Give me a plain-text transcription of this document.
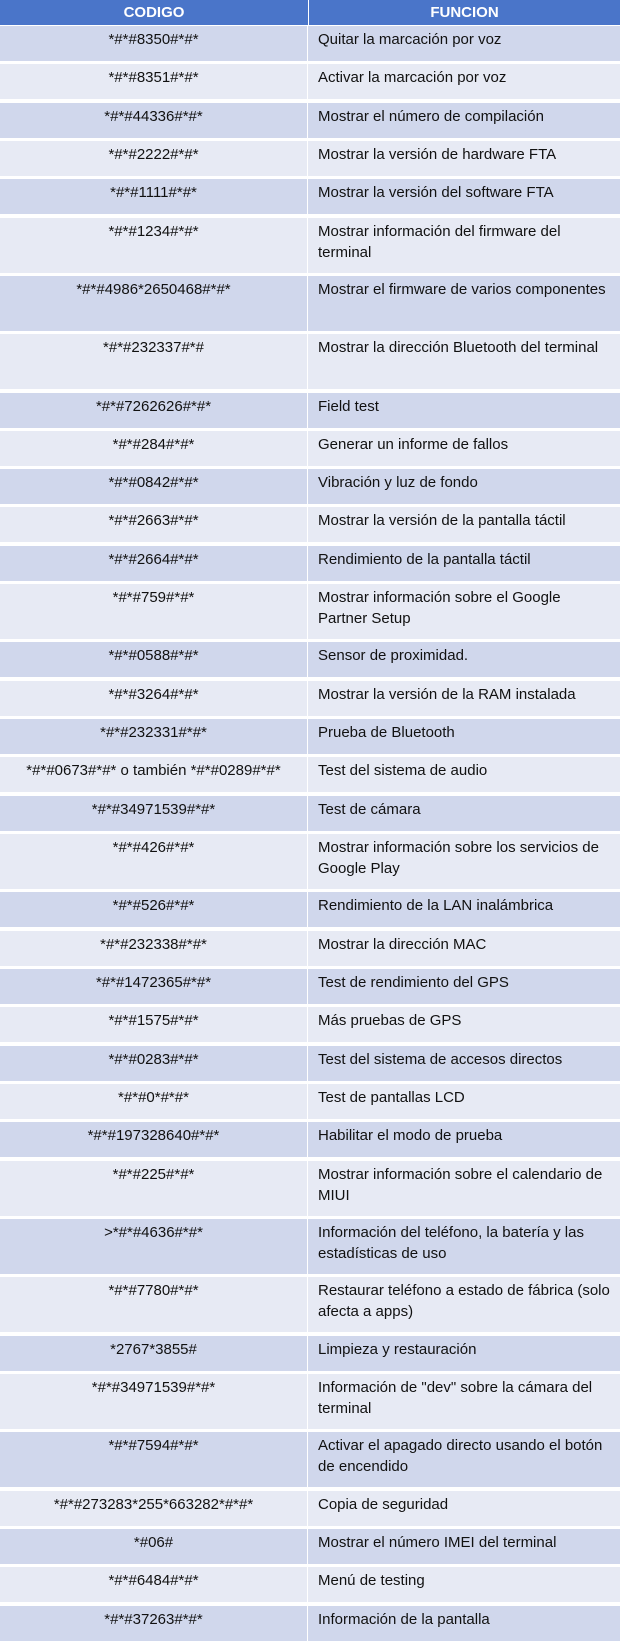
CODIGO	FUNCION
*#*#8350#*#*	Quitar la marcación por voz
*#*#8351#*#*	Activar la marcación por voz
*#*#44336#*#*	Mostrar el número de compilación
*#*#2222#*#*	Mostrar la versión de hardware FTA
*#*#1111#*#*	Mostrar la versión del software FTA
*#*#1234#*#*	Mostrar información del firmware del terminal
*#*#4986*2650468#*#*	Mostrar el firmware de varios componentes
*#*#232337#*#	Mostrar la dirección Bluetooth del terminal
*#*#7262626#*#*	Field test
*#*#284#*#*	Generar un informe de fallos
*#*#0842#*#*	Vibración y luz de fondo
*#*#2663#*#*	Mostrar la versión de la pantalla táctil
*#*#2664#*#*	Rendimiento de la pantalla táctil
*#*#759#*#*	Mostrar información sobre el Google Partner Setup
*#*#0588#*#*	Sensor de proximidad.
*#*#3264#*#*	Mostrar la versión de la RAM instalada
*#*#232331#*#*	Prueba de Bluetooth
*#*#0673#*#* o también *#*#0289#*#*	Test del sistema de audio
*#*#34971539#*#*	Test de cámara
*#*#426#*#*	Mostrar información sobre los servicios de Google Play
*#*#526#*#*	Rendimiento de la LAN inalámbrica
*#*#232338#*#*	Mostrar la dirección MAC
*#*#1472365#*#*	Test de rendimiento del GPS
*#*#1575#*#*	Más pruebas de GPS
*#*#0283#*#*	Test del sistema de accesos directos
*#*#0*#*#*	Test de pantallas LCD
*#*#197328640#*#*	Habilitar el modo de prueba
*#*#225#*#*	Mostrar información sobre el calendario de MIUI
>*#*#4636#*#*	Información del teléfono, la batería y las estadísticas de uso
*#*#7780#*#*	Restaurar teléfono a estado de fábrica (solo afecta a apps)
*2767*3855#	Limpieza y restauración
*#*#34971539#*#*	Información de "dev" sobre la cámara del terminal
*#*#7594#*#*	Activar el apagado directo usando el botón de encendido
*#*#273283*255*663282*#*#*	Copia de seguridad
*#06#	Mostrar el número IMEI del terminal
*#*#6484#*#*	Menú de testing
*#*#37263#*#*	Información de la pantalla
